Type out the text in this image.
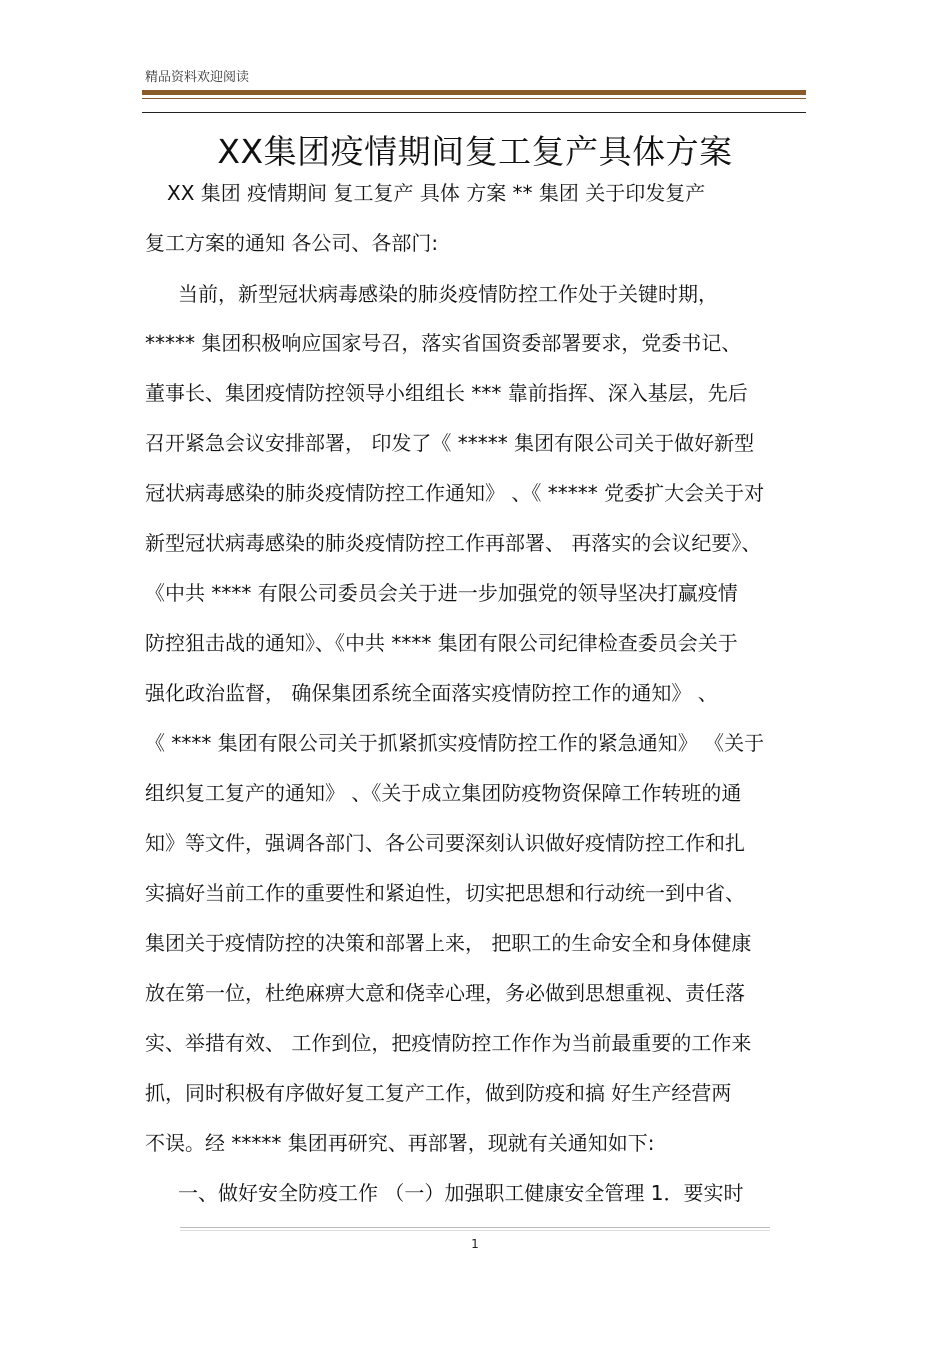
精品资料欢迎阅读
XX集团疫情期间复工复产具体方案
XX 集团 疫情期间 复工复产 具体 方案 ** 集团 关于印发复产
复工方案的通知 各公司、各部门:
当前，新型冠状病毒感染的肺炎疫情防控工作处于关键时期，
***** 集团积极响应国家号召，落实省国资委部署要求，党委书记、
董事长、集团疫情防控领导小组组长 *** 靠前指挥、深入基层，先后
召开紧急会议安排部署， 印发了《 ***** 集团有限公司关于做好新型
冠状病毒感染的肺炎疫情防控工作通知》 、《 ***** 党委扩大会关于对
新型冠状病毒感染的肺炎疫情防控工作再部署、 再落实的会议纪要》、
《中共 **** 有限公司委员会关于进一步加强党的领导坚决打赢疫情
防控狙击战的通知》、《中共 **** 集团有限公司纪律检查委员会关于
强化政治监督， 确保集团系统全面落实疫情防控工作的通知》 、
《 **** 集团有限公司关于抓紧抓实疫情防控工作的紧急通知》 《关于
组织复工复产的通知》 、《关于成立集团防疫物资保障工作转班的通
知》等文件，强调各部门、各公司要深刻认识做好疫情防控工作和扎
实搞好当前工作的重要性和紧迫性，切实把思想和行动统一到中省、
集团关于疫情防控的决策和部署上来， 把职工的生命安全和身体健康
放在第一位，杜绝麻痹大意和侥幸心理，务必做到思想重视、责任落
实、举措有效、 工作到位，把疫情防控工作作为当前最重要的工作来
抓，同时积极有序做好复工复产工作，做到防疫和搞 好生产经营两
不误。经 ***** 集团再研究、再部署，现就有关通知如下:
一、做好安全防疫工作 （一）加强职工健康安全管理 1．要实时
1
